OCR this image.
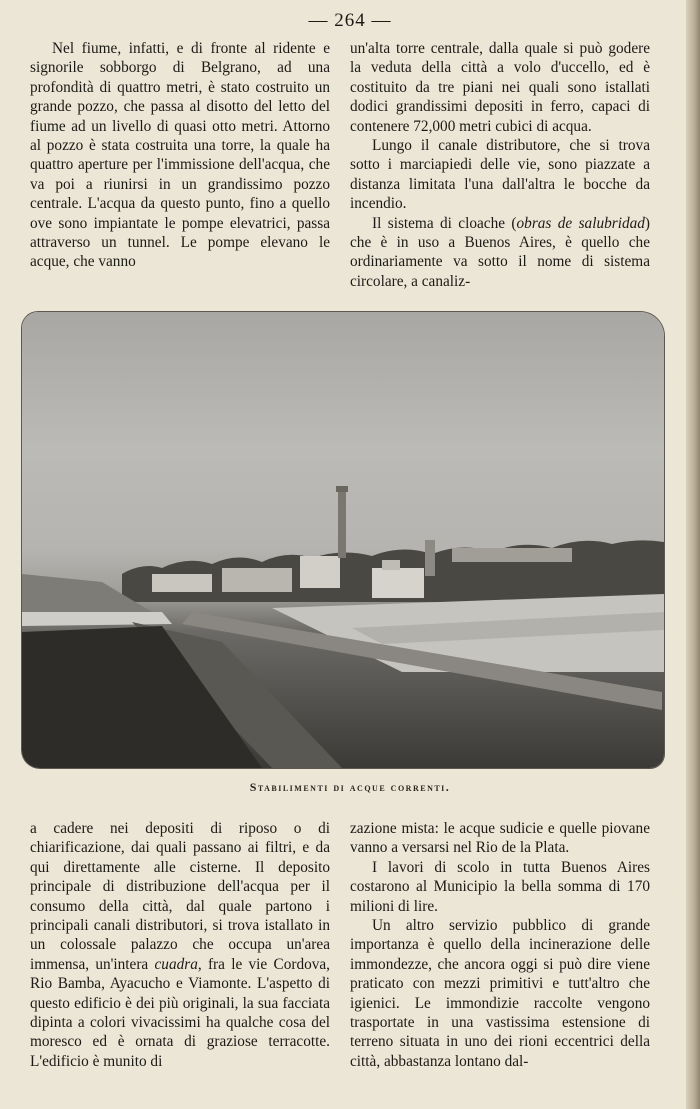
— 264 —

Nel fiume, infatti, e di fronte al ridente e signorile sobborgo di Belgrano, ad una profondità di quattro metri, è stato costruito un grande pozzo, che passa al disotto del letto del fiume ad un livello di quasi otto metri. Attorno al pozzo è stata costruita una torre, la quale ha quattro aperture per l'immissione dell'acqua, che va poi a riunirsi in un grandissimo pozzo centrale. L'acqua da questo punto, fino a quello ove sono impiantate le pompe elevatrici, passa attraverso un tunnel. Le pompe elevano le acque, che vanno

un'alta torre centrale, dalla quale si può godere la veduta della città a volo d'uccello, ed è costituito da tre piani nei quali sono istallati dodici grandissimi depositi in ferro, capaci di contenere 72,000 metri cubici di acqua.

Lungo il canale distributore, che si trova sotto i marciapiedi delle vie, sono piazzate a distanza limitata l'una dall'altra le bocche da incendio.

Il sistema di cloache (obras de salubridad) che è in uso a Buenos Aires, è quello che ordinariamente va sotto il nome di sistema circolare, a canaliz-

Stabilimenti di acque correnti.

a cadere nei depositi di riposo o di chiarificazione, dai quali passano ai filtri, e da qui direttamente alle cisterne. Il deposito principale di distribuzione dell'acqua per il consumo della città, dal quale partono i principali canali distributori, si trova istallato in un colossale palazzo che occupa un'area immensa, un'intera cuadra, fra le vie Cordova, Rio Bamba, Ayacucho e Viamonte. L'aspetto di questo edificio è dei più originali, la sua facciata dipinta a colori vivacissimi ha qualche cosa del moresco ed è ornata di graziose terracotte. L'edificio è munito di

zazione mista: le acque sudicie e quelle piovane vanno a versarsi nel Rio de la Plata.

I lavori di scolo in tutta Buenos Aires costarono al Municipio la bella somma di 170 milioni di lire.

Un altro servizio pubblico di grande importanza è quello della incinerazione delle immondezze, che ancora oggi si può dire viene praticato con mezzi primitivi e tutt'altro che igienici. Le immondizie raccolte vengono trasportate in una vastissima estensione di terreno situata in uno dei rioni eccentrici della città, abbastanza lontano dal-
